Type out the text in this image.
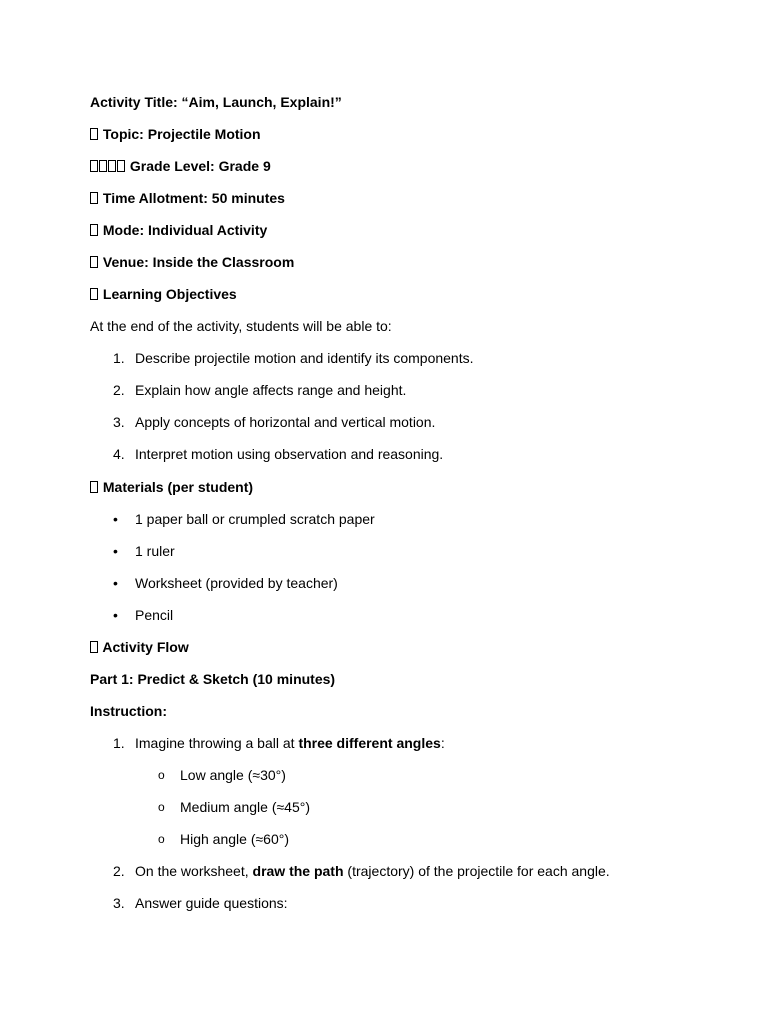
Activity Title: “Aim, Launch, Explain!”
Topic: Projectile Motion
Grade Level: Grade 9
Time Allotment: 50 minutes
Mode: Individual Activity
Venue: Inside the Classroom
Learning Objectives
At the end of the activity, students will be able to:
1. Describe projectile motion and identify its components.
2. Explain how angle affects range and height.
3. Apply concepts of horizontal and vertical motion.
4. Interpret motion using observation and reasoning.
Materials (per student)
• 1 paper ball or crumpled scratch paper
• 1 ruler
• Worksheet (provided by teacher)
• Pencil
Activity Flow
Part 1: Predict & Sketch (10 minutes)
Instruction:
1. Imagine throwing a ball at three different angles:
o Low angle (≈30°)
o Medium angle (≈45°)
o High angle (≈60°)
2. On the worksheet, draw the path (trajectory) of the projectile for each angle.
3. Answer guide questions:
